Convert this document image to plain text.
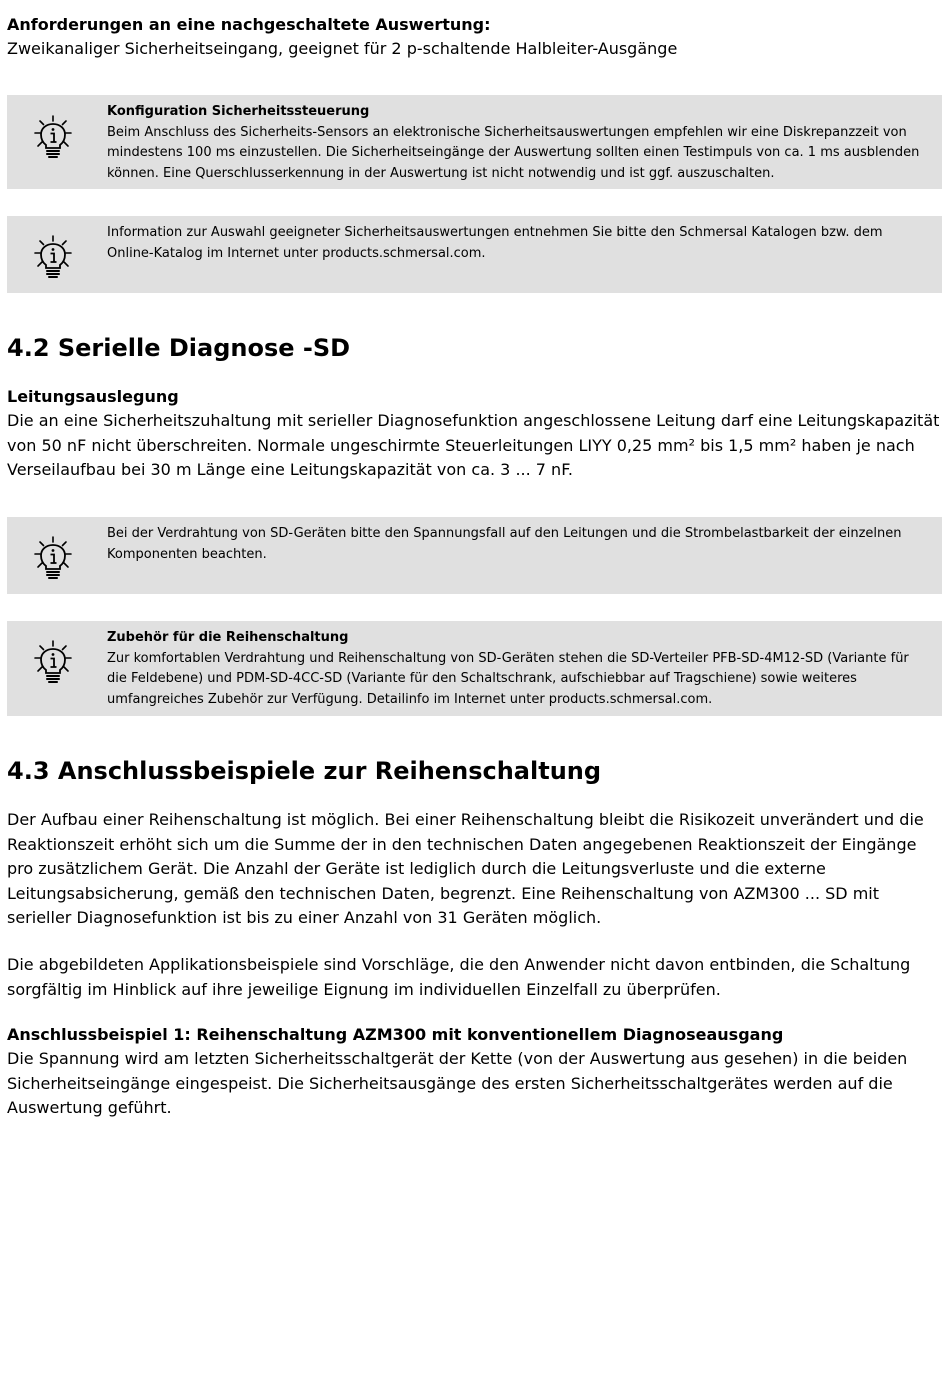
Anforderungen an eine nachgeschaltete Auswertung:

Zweikanaliger Sicherheitseingang, geeignet für 2 p-schaltende Halbleiter-Ausgänge

Konfiguration Sicherheitssteuerung
Beim Anschluss des Sicherheits-Sensors an elektronische Sicherheitsauswertungen empfehlen wir eine Diskrepanzzeit von mindestens 100 ms einzustellen. Die Sicherheitseingänge der Auswertung sollten einen Testimpuls von ca. 1 ms ausblenden können. Eine Querschlusserkennung in der Auswertung ist nicht notwendig und ist ggf. auszuschalten.
Information zur Auswahl geeigneter Sicherheitsauswertungen entnehmen Sie bitte den Schmersal Katalogen bzw. dem Online-Katalog im Internet unter products.schmersal.com.
4.2 Serielle Diagnose -SD

Leitungsauslegung

Die an eine Sicherheitszuhaltung mit serieller Diagnosefunktion angeschlossene Leitung darf eine Leitungskapazität von 50 nF nicht überschreiten. Normale ungeschirmte Steuerleitungen LIYY 0,25 mm² bis 1,5 mm² haben je nach Verseilaufbau bei 30 m Länge eine Leitungskapazität von ca. 3 ... 7 nF.

Bei der Verdrahtung von SD-Geräten bitte den Spannungsfall auf den Leitungen und die Strombelastbarkeit der einzelnen Komponenten beachten.
Zubehör für die Reihenschaltung
Zur komfortablen Verdrahtung und Reihenschaltung von SD-Geräten stehen die SD-Verteiler PFB-SD-4M12-SD (Variante für die Feldebene) und PDM-SD-4CC-SD (Variante für den Schaltschrank, aufschiebbar auf Tragschiene) sowie weiteres umfangreiches Zubehör zur Verfügung. Detailinfo im Internet unter products.schmersal.com.
4.3 Anschlussbeispiele zur Reihenschaltung

Der Aufbau einer Reihenschaltung ist möglich. Bei einer Reihenschaltung bleibt die Risikozeit unverändert und die Reaktionszeit erhöht sich um die Summe der in den technischen Daten angegebenen Reaktionszeit der Eingänge pro zusätzlichem Gerät. Die Anzahl der Geräte ist lediglich durch die Leitungsverluste und die externe Leitungsabsicherung, gemäß den technischen Daten, begrenzt. Eine Reihenschaltung von AZM300 ... SD mit serieller Diagnosefunktion ist bis zu einer Anzahl von 31 Geräten möglich.

Die abgebildeten Applikationsbeispiele sind Vorschläge, die den Anwender nicht davon entbinden, die Schaltung sorgfältig im Hinblick auf ihre jeweilige Eignung im individuellen Einzelfall zu überprüfen.

Anschlussbeispiel 1: Reihenschaltung AZM300 mit konventionellem Diagnoseausgang

Die Spannung wird am letzten Sicherheitsschaltgerät der Kette (von der Auswertung aus gesehen) in die beiden Sicherheitseingänge eingespeist. Die Sicherheitsausgänge des ersten Sicherheitsschaltgerätes werden auf die Auswertung geführt.
